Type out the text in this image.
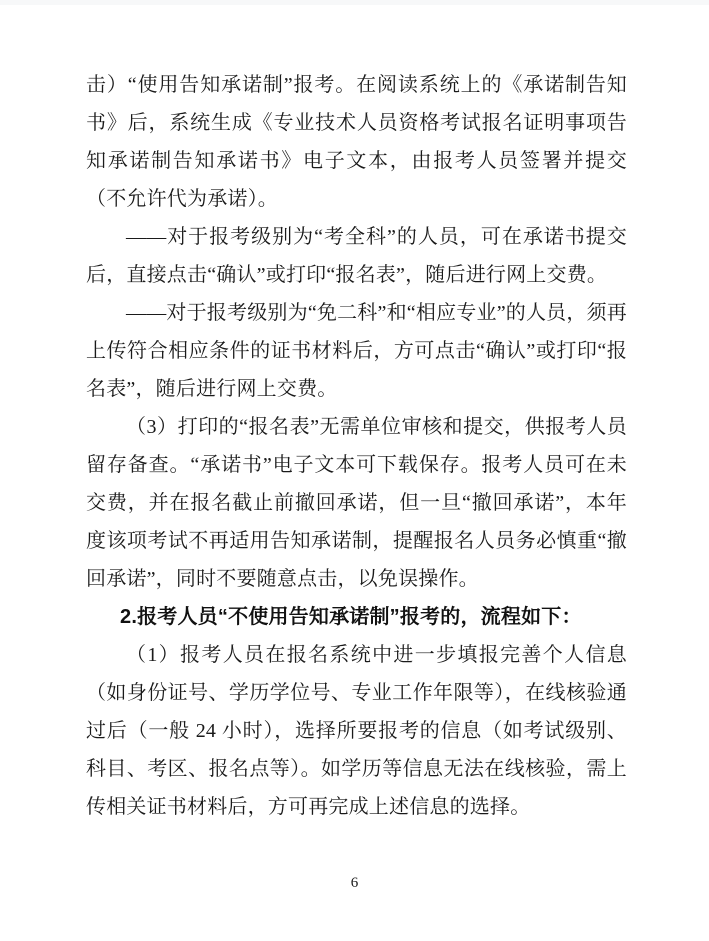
击）“使用告知承诺制”报考。在阅读系统上的《承诺制告知书》后，系统生成《专业技术人员资格考试报名证明事项告知承诺制告知承诺书》电子文本，由报考人员签署并提交（不允许代为承诺）。

——对于报考级别为“考全科”的人员，可在承诺书提交后，直接点击“确认”或打印“报名表”，随后进行网上交费。

——对于报考级别为“免二科”和“相应专业”的人员，须再上传符合相应条件的证书材料后，方可点击“确认”或打印“报名表”，随后进行网上交费。

（3）打印的“报名表”无需单位审核和提交，供报考人员留存备查。“承诺书”电子文本可下载保存。报考人员可在未交费，并在报名截止前撤回承诺，但一旦“撤回承诺”，本年度该项考试不再适用告知承诺制，提醒报名人员务必慎重“撤回承诺”，同时不要随意点击，以免误操作。

2.报考人员“不使用告知承诺制”报考的，流程如下：

（1）报考人员在报名系统中进一步填报完善个人信息（如身份证号、学历学位号、专业工作年限等），在线核验通过后（一般 24 小时），选择所要报考的信息（如考试级别、科目、考区、报名点等）。如学历等信息无法在线核验，需上传相关证书材料后，方可再完成上述信息的选择。

6
